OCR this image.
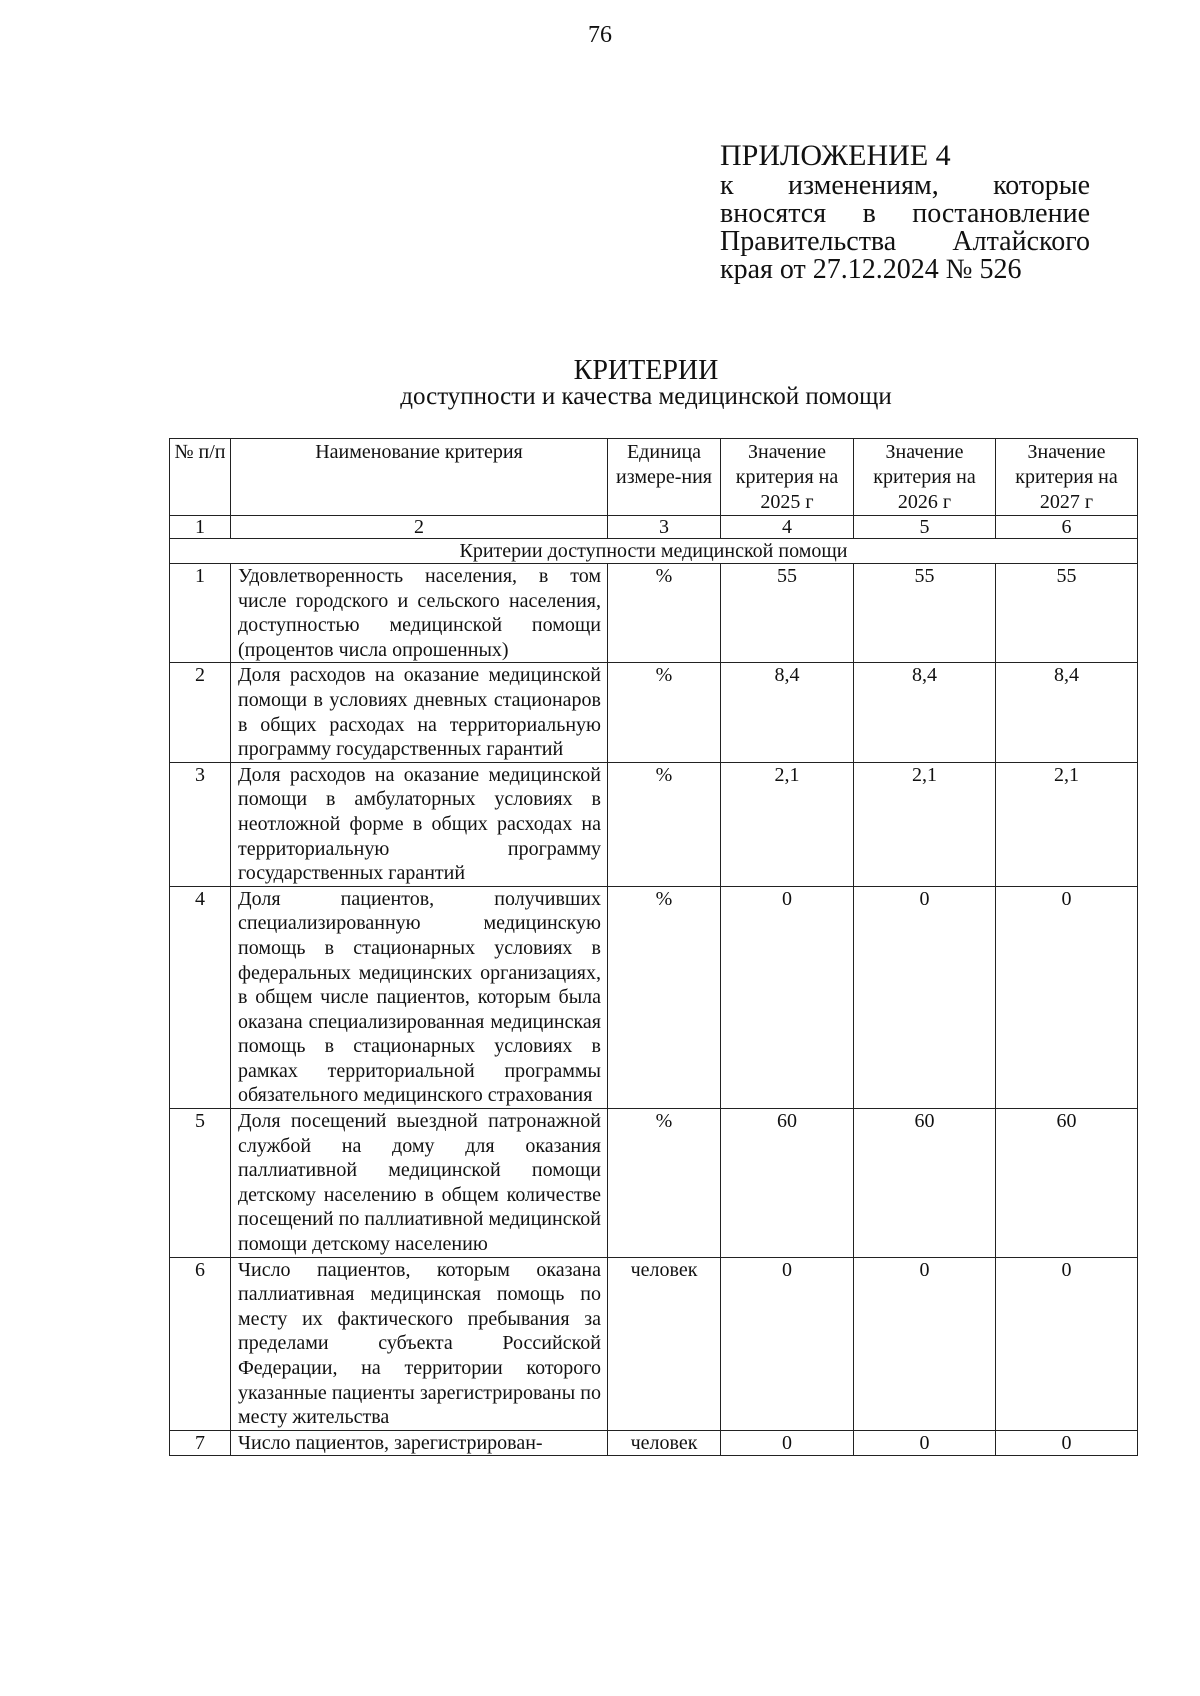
76
ПРИЛОЖЕНИЕ 4
к изменениям, которые вносятся в постановление Правительства Алтайского края от 27.12.2024 № 526
КРИТЕРИИ
доступности и качества медицинской помощи
№ п/п	Наименование критерия	Единица измере-ния	Значение критерия на 2025 г	Значение критерия на 2026 г	Значение критерия на 2027 г
1	2	3	4	5	6
Критерии доступности медицинской помощи					
1	Удовлетворенность населения, в том числе городского и сельского населения, доступностью медицинской помощи (процентов числа опрошенных)	%	55	55	55
2	Доля расходов на оказание медицинской помощи в условиях дневных стационаров в общих расходах на территориальную программу государственных гарантий	%	8,4	8,4	8,4
3	Доля расходов на оказание медицинской помощи в амбулаторных условиях в неотложной форме в общих расходах на территориальную программу государственных гарантий	%	2,1	2,1	2,1
4	Доля пациентов, получивших специализированную медицинскую помощь в стационарных условиях в федеральных медицинских организациях, в общем числе пациентов, которым была оказана специализированная медицинская помощь в стационарных условиях в рамках территориальной программы обязательного медицинского страхования	%	0	0	0
5	Доля посещений выездной патронажной службой на дому для оказания паллиативной медицинской помощи детскому населению в общем количестве посещений по паллиативной медицинской помощи детскому населению	%	60	60	60
6	Число пациентов, которым оказана паллиативная медицинская помощь по месту их фактического пребывания за пределами субъекта Российской Федерации, на территории которого указанные пациенты зарегистрированы по месту жительства	человек	0	0	0
7	Число пациентов, зарегистрирован-	человек	0	0	0
